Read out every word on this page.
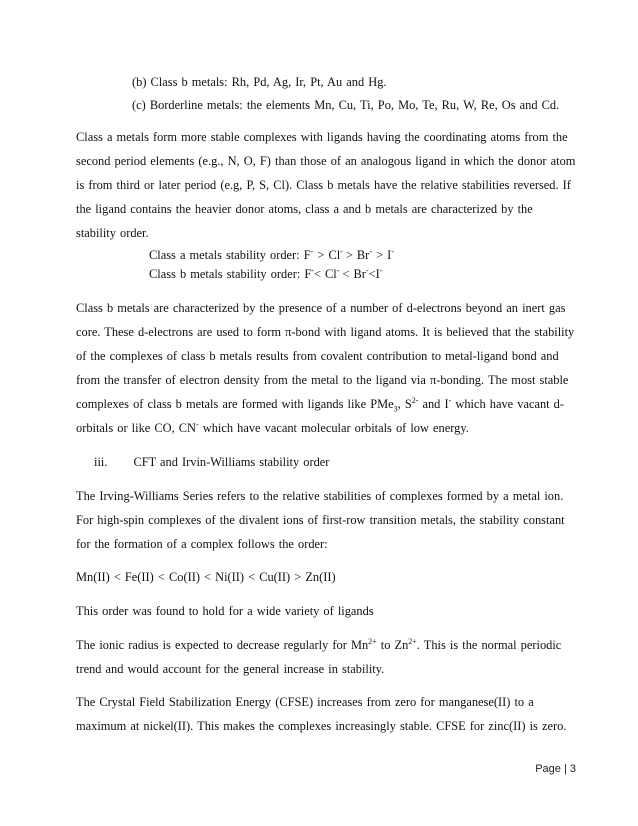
(b) Class b metals: Rh, Pd, Ag, Ir, Pt, Au and Hg.
(c) Borderline metals: the elements Mn, Cu, Ti, Po, Mo, Te, Ru, W, Re, Os and Cd.
Class a metals form more stable complexes with ligands having the coordinating atoms from the
second period elements (e.g., N, O, F) than those of an analogous ligand in which the donor atom
is from third or later period (e.g, P, S, Cl). Class b metals have the relative stabilities reversed. If
the ligand contains the heavier donor atoms, class a and b metals are characterized by the
stability order.
Class a metals stability order: F- > Cl- > Br- > I-
Class b metals stability order: F-< Cl- < Br-<I-
Class b metals are characterized by the presence of a number of d-electrons beyond an inert gas
core. These d-electrons are used to form π-bond with ligand atoms. It is believed that the stability
of the complexes of class b metals results from covalent contribution to metal-ligand bond and
from the transfer of electron density from the metal to the ligand via π-bonding. The most stable
complexes of class b metals are formed with ligands like PMe$_3$, $S^{2-}$ and I- which have vacant d-
orbitals or like CO, CN- which have vacant molecular orbitals of low energy.
iii. CFT and Irvin-Williams stability order
The Irving-Williams Series refers to the relative stabilities of complexes formed by a metal ion.
For high-spin complexes of the divalent ions of first-row transition metals, the stability constant
for the formation of a complex follows the order:
Mn(II) < Fe(II) < Co(II) < Ni(II) < Cu(II) > Zn(II)
This order was found to hold for a wide variety of ligands
The ionic radius is expected to decrease regularly for $Mn^{2+}$ to $Zn^{2+}$. This is the normal periodic
trend and would account for the general increase in stability.
The Crystal Field Stabilization Energy (CFSE) increases from zero for manganese(II) to a
maximum at nickel(II). This makes the complexes increasingly stable. CFSE for zinc(II) is zero.
Page | 3
